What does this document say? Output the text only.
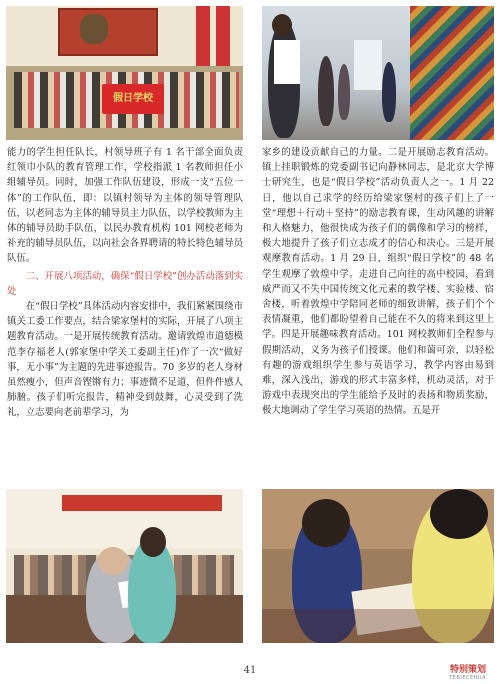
假日学校

能力的学生担任队长，村领导班子有 1 名干部全面负责红领巾小队的教育管理工作，学校指派 1 名教师担任小组辅导员。同时，加强工作队伍建设，形成一支“五位一体”的工作队伍，即：以镇村领导为主体的领导管理队伍，以老同志为主体的辅导员主力队伍，以学校教师为主体的辅导员助手队伍，以民办教育机构 101 网校老师为补充的辅导员队伍，以向社会各界聘请的特长特色辅导员队伍。

二、开展八项活动，确保“假日学校”创办活动落到实处

在“假日学校”具体活动内容安排中，我们紧紧围绕市镇关工委工作要点，结合梁家堡村的实际，开展了八项主题教育活动。一是开展传统教育活动。邀请敦煌市道德模范李存福老人(郭家堡中学关工委副主任)作了一次“做好事，无小事”为主题的先进事迹报告。70 多岁的老人身材虽然瘦小，但声音铿锵有力；事迹微不足道，但件件感人肺腑。孩子们听完报告，精神受到鼓舞，心灵受到了洗礼，立志要向老前辈学习，为

家乡的建设贡献自己的力量。二是开展励志教育活动。镇上挂职锻炼的党委副书记向静林同志，是北京大学博士研究生，也是“假日学校”活动负责人之一。1 月 22 日，他以自己求学的经历给梁家堡村的孩子们上了一堂“理想＋行动＋坚持”的励志教育课，生动风趣的讲解和人格魅力，他很快成为孩子们的偶像和学习的榜样，极大地提升了孩子们立志成才的信心和决心。三是开展观摩教育活动。1 月 29 日，组织“假日学校”的 48 名学生观摩了敦煌中学。走进自己向往的高中校园，看到威严而又不失中国传统文化元素的教学楼、实验楼、宿舍楼，听着敦煌中学陪同老师的细致讲解，孩子们个个表情凝重，他们都盼望着自己能在不久的将来到这里上学。四是开展趣味教育活动。101 网校教师们全程参与假期活动，义务为孩子们授课。他们和蔼可亲，以轻松有趣的游戏组织学生参与英语学习，教学内容由易到难，深入浅出，游戏的形式丰富多样，机动灵活，对于游戏中表现突出的学生能给予及时的表扬和物质奖励，极大地调动了学生学习英语的热情。五是开

41	特别策划
TEBIECEHUA
